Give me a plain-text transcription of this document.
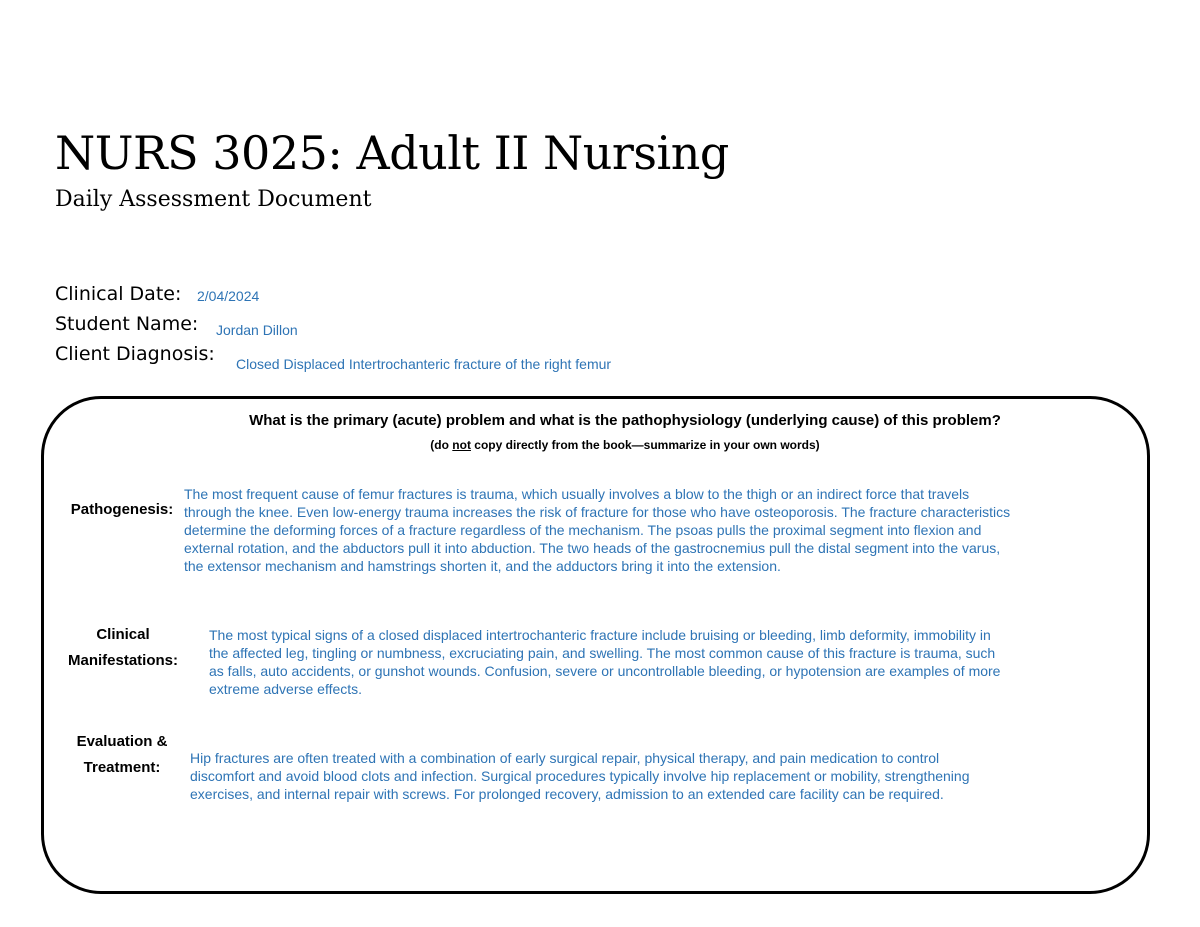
NURS 3025: Adult II Nursing
Daily Assessment Document
Clinical Date: 2/04/2024
Student Name: Jordan Dillon
Client Diagnosis: Closed Displaced Intertrochanteric fracture of the right femur
What is the primary (acute) problem and what is the pathophysiology (underlying cause) of this problem?
(do not copy directly from the book—summarize in your own words)
Pathogenesis:
The most frequent cause of femur fractures is trauma, which usually involves a blow to the thigh or an indirect force that travels
through the knee. Even low-energy trauma increases the risk of fracture for those who have osteoporosis. The fracture characteristics
determine the deforming forces of a fracture regardless of the mechanism. The psoas pulls the proximal segment into flexion and
external rotation, and the abductors pull it into abduction. The two heads of the gastrocnemius pull the distal segment into the varus,
the extensor mechanism and hamstrings shorten it, and the adductors bring it into the extension.
Clinical
Manifestations:
The most typical signs of a closed displaced intertrochanteric fracture include bruising or bleeding, limb deformity, immobility in
the affected leg, tingling or numbness, excruciating pain, and swelling. The most common cause of this fracture is trauma, such
as falls, auto accidents, or gunshot wounds. Confusion, severe or uncontrollable bleeding, or hypotension are examples of more
extreme adverse effects.
Evaluation &
Treatment:
Hip fractures are often treated with a combination of early surgical repair, physical therapy, and pain medication to control
discomfort and avoid blood clots and infection. Surgical procedures typically involve hip replacement or mobility, strengthening
exercises, and internal repair with screws. For prolonged recovery, admission to an extended care facility can be required.
